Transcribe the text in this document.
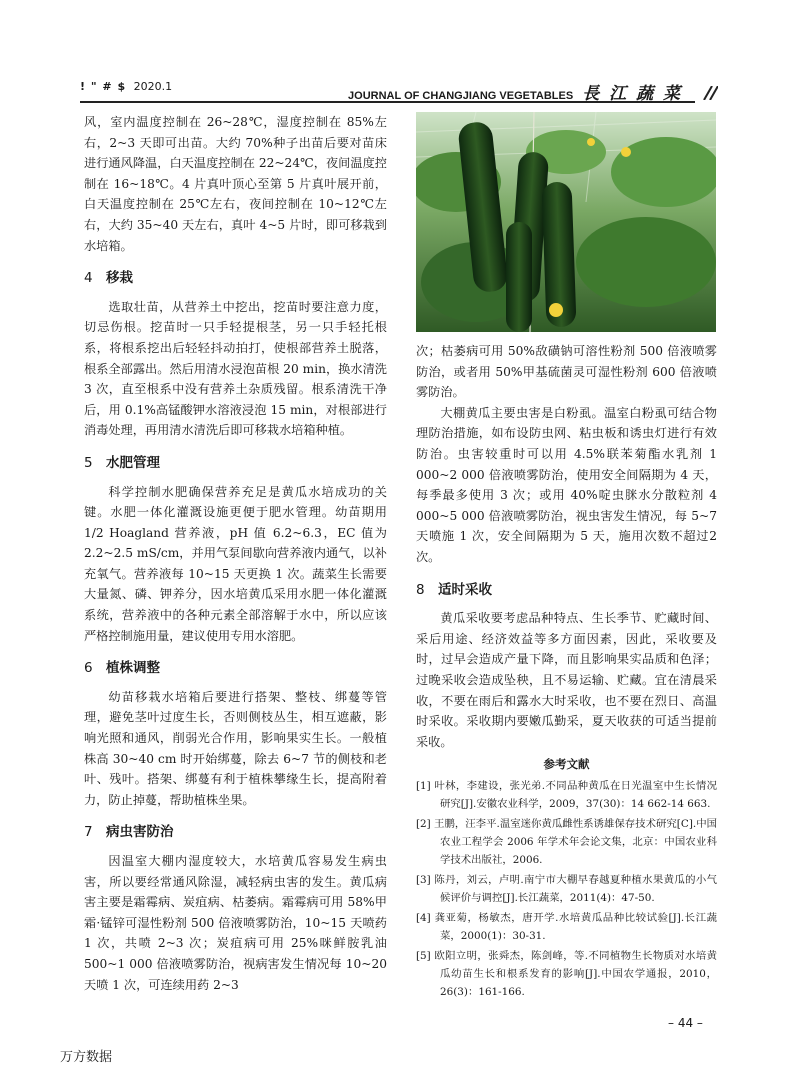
! " # $ 2020.1
JOURNAL OF CHANGJIANG VEGETABLES 長 江 蔬 菜

风，室内温度控制在 26~28℃，湿度控制在 85%左右，2~3 天即可出苗。大约 70%种子出苗后要对苗床进行通风降温，白天温度控制在 22~24℃，夜间温度控制在 16~18℃。4 片真叶顶心至第 5 片真叶展开前，白天温度控制在 25℃左右，夜间控制在 10~12℃左右，大约 35~40 天左右，真叶 4~5 片时，即可移栽到水培箱。

4 移栽

选取壮苗，从营养土中挖出，挖苗时要注意力度，切忌伤根。挖苗时一只手轻提根茎，另一只手轻托根系，将根系挖出后轻轻抖动拍打，使根部营养土脱落，根系全部露出。然后用清水浸泡苗根 20 min，换水清洗 3 次，直至根系中没有营养土杂质残留。根系清洗干净后，用 0.1%高锰酸钾水溶液浸泡 15 min，对根部进行消毒处理，再用清水清洗后即可移栽水培箱种植。

5 水肥管理

科学控制水肥确保营养充足是黄瓜水培成功的关键。水肥一体化灌溉设施更便于肥水管理。幼苗期用 1/2 Hoagland 营养液，pH 值 6.2~6.3，EC 值为 2.2~2.5 mS/cm，并用气泵间歇向营养液内通气，以补充氧气。营养液每 10~15 天更换 1 次。蔬菜生长需要大量氮、磷、钾养分，因水培黄瓜采用水肥一体化灌溉系统，营养液中的各种元素全部溶解于水中，所以应该严格控制施用量，建议使用专用水溶肥。

6 植株调整

幼苗移栽水培箱后要进行搭架、整枝、绑蔓等管理，避免茎叶过度生长，否则侧枝丛生，相互遮蔽，影响光照和通风，削弱光合作用，影响果实生长。一般植株高 30~40 cm 时开始绑蔓，除去 6~7 节的侧枝和老叶、残叶。搭架、绑蔓有利于植株攀缘生长，提高附着力，防止掉蔓，帮助植株坐果。

7 病虫害防治

因温室大棚内湿度较大，水培黄瓜容易发生病虫害，所以要经常通风除湿，减轻病虫害的发生。黄瓜病害主要是霜霉病、炭疽病、枯萎病。霜霉病可用 58%甲霜·锰锌可湿性粉剂 500 倍液喷雾防治，10~15 天喷药 1 次，共喷 2~3 次；炭疽病可用 25%咪鲜胺乳油 500~1 000 倍液喷雾防治，视病害发生情况每 10~20 天喷 1 次，可连续用药 2~3

次；枯萎病可用 50%敌磺钠可溶性粉剂 500 倍液喷雾防治，或者用 50%甲基硫菌灵可湿性粉剂 600 倍液喷雾防治。

大棚黄瓜主要虫害是白粉虱。温室白粉虱可结合物理防治措施，如布设防虫网、粘虫板和诱虫灯进行有效防治。虫害较重时可以用 4.5%联苯菊酯水乳剂 1 000~2 000 倍液喷雾防治，使用安全间隔期为 4 天，每季最多使用 3 次；或用 40%啶虫脒水分散粒剂 4 000~5 000 倍液喷雾防治，视虫害发生情况，每 5~7 天喷施 1 次，安全间隔期为 5 天，施用次数不超过2 次。

8 适时采收

黄瓜采收要考虑品种特点、生长季节、贮藏时间、采后用途、经济效益等多方面因素，因此，采收要及时，过早会造成产量下降，而且影响果实品质和色泽；过晚采收会造成坠秧，且不易运输、贮藏。宜在清晨采收，不要在雨后和露水大时采收，也不要在烈日、高温时采收。采收期内要嫩瓜勤采，夏天收获的可适当提前采收。

参考文献
[1] 叶林，李建设，张光弟.不同品种黄瓜在日光温室中生长情况研究[J].安徽农业科学，2009，37(30)：14 662-14 663.
[2] 王鹏，汪李平.温室迷你黄瓜雌性系诱雄保存技术研究[C].中国农业工程学会 2006 年学术年会论文集，北京：中国农业科学技术出版社，2006.
[3] 陈丹，刘云，卢明.南宁市大棚早春越夏种植水果黄瓜的小气候评价与调控[J].长江蔬菜，2011(4)：47-50.
[4] 龚亚菊，杨敏杰，唐开学.水培黄瓜品种比较试验[J].长江蔬菜，2000(1)：30-31.
[5] 欧阳立明，张舜杰，陈剑峰，等.不同植物生长物质对水培黄瓜幼苗生长和根系发育的影响[J].中国农学通报，2010，26(3)：161-166.
– 44 –
万方数据
